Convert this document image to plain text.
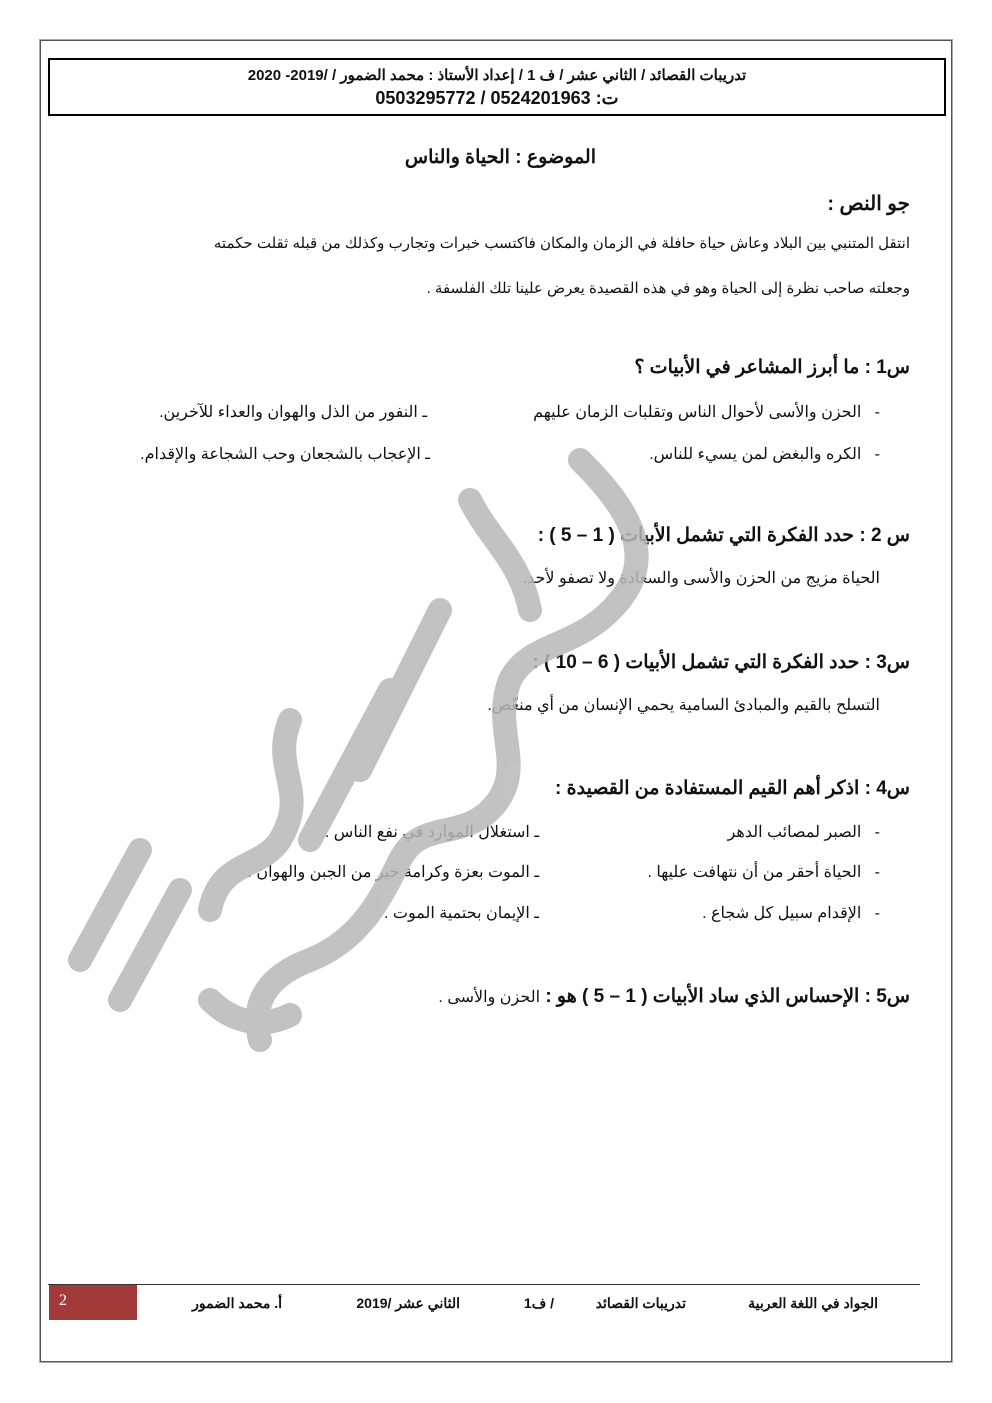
تدريبات القصائد / الثاني عشر / ف 1 / إعداد الأستاذ : محمد الضمور / /2019- 2020
ت: 0524201963 / 0503295772
الموضوع : الحياة والناس
جو النص :
انتقل المتنبي بين البلاد وعاش حياة حافلة في الزمان والمكان فاكتسب خبرات وتجارب وكذلك من قبله ثقلت حكمته
وجعلته صاحب نظرة إلى الحياة وهو في هذه القصيدة يعرض علينا تلك الفلسفة .
س1 : ما أبرز المشاعر في الأبيات ؟
-   الحزن والأسى لأحوال الناس وتقلبات الزمان عليهم
-   الكره والبغض لمن يسيء للناس.
ـ النفور من الذل والهوان والعداء للآخرين.
ـ الإعجاب بالشجعان وحب الشجاعة والإقدام.
س 2 : حدد الفكرة التي تشمل الأبيات ( 1 – 5 ) :
الحياة مزيج من الحزن والأسى والسعادة ولا تصفو لأحد.
س3 : حدد الفكرة التي تشمل الأبيات ( 6 – 10 ) :
التسلح بالقيم والمبادئ السامية يحمي الإنسان من أي منغّص.
س4 : اذكر أهم القيم المستفادة من القصيدة :
-   الصبر لمصائب الدهر
-   الحياة أحقر من أن نتهافت عليها .
-   الإقدام سبيل كل شجاع .
ـ استغلال الموارد في نفع الناس .
ـ الموت بعزة وكرامة خير من الجبن والهوان .
ـ الإيمان بحتمية الموت .
س5 : الإحساس الذي ساد الأبيات ( 1 – 5 ) هو : الحزن والأسى .
2	الجواد في اللغة العربية
تدريبات القصائد
/ ف1
الثاني عشر /2019
أ. محمد الضمور
